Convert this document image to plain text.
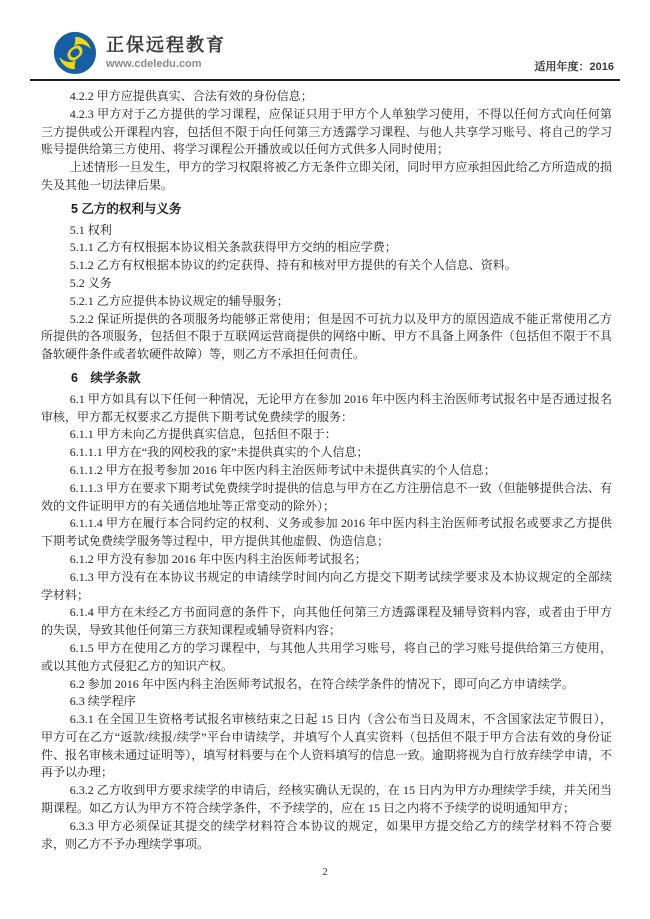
正保远程教育
www.cdeledu.com	适用年度：2016

4.2.2 甲方应提供真实、合法有效的身份信息；

4.2.3 甲方对于乙方提供的学习课程，应保证只用于甲方个人单独学习使用，不得以任何方式向任何第三方提供或公开课程内容，包括但不限于向任何第三方透露学习课程、与他人共享学习账号、将自己的学习账号提供给第三方使用、将学习课程公开播放或以任何方式供多人同时使用；

上述情形一旦发生，甲方的学习权限将被乙方无条件立即关闭，同时甲方应承担因此给乙方所造成的损失及其他一切法律后果。

5 乙方的权利与义务

5.1 权利

5.1.1 乙方有权根据本协议相关条款获得甲方交纳的相应学费；

5.1.2 乙方有权根据本协议的约定获得、持有和核对甲方提供的有关个人信息、资料。

5.2 义务

5.2.1 乙方应提供本协议规定的辅导服务；

5.2.2 保证所提供的各项服务均能够正常使用；但是因不可抗力以及甲方的原因造成不能正常使用乙方所提供的各项服务，包括但不限于互联网运营商提供的网络中断、甲方不具备上网条件（包括但不限于不具备软硬件条件或者软硬件故障）等，则乙方不承担任何责任。

6　续学条款

6.1 甲方如具有以下任何一种情况，无论甲方在参加 2016 年中医内科主治医师考试报名中是否通过报名审核，甲方都无权要求乙方提供下期考试免费续学的服务：

6.1.1 甲方未向乙方提供真实信息，包括但不限于：

6.1.1.1 甲方在“我的网校我的家”未提供真实的个人信息；

6.1.1.2 甲方在报考参加 2016 年中医内科主治医师考试中未提供真实的个人信息；

6.1.1.3 甲方在要求下期考试免费续学时提供的信息与甲方在乙方注册信息不一致（但能够提供合法、有效的文件证明甲方的有关通信地址等正常变动的除外）；

6.1.1.4 甲方在履行本合同约定的权利、义务或参加 2016 年中医内科主治医师考试报名或要求乙方提供下期考试免费续学服务等过程中，甲方提供其他虚假、伪造信息；

6.1.2 甲方没有参加 2016 年中医内科主治医师考试报名；

6.1.3 甲方没有在本协议书规定的申请续学时间内向乙方提交下期考试续学要求及本协议规定的全部续学材料；

6.1.4 甲方在未经乙方书面同意的条件下，向其他任何第三方透露课程及辅导资料内容，或者由于甲方的失误，导致其他任何第三方获知课程或辅导资料内容；

6.1.5 甲方在使用乙方的学习课程中，与其他人共用学习账号，将自己的学习账号提供给第三方使用，或以其他方式侵犯乙方的知识产权。

6.2 参加 2016 年中医内科主治医师考试报名，在符合续学条件的情况下，即可向乙方申请续学。

6.3 续学程序

6.3.1 在全国卫生资格考试报名审核结束之日起 15 日内（含公布当日及周末，不含国家法定节假日），甲方可在乙方“返款/续报/续学”平台申请续学，并填写个人真实资料（包括但不限于甲方合法有效的身份证件、报名审核未通过证明等），填写材料要与在个人资料填写的信息一致。逾期将视为自行放弃续学申请，不再予以办理；

6.3.2 乙方收到甲方要求续学的申请后，经核实确认无误的，在 15 日内为甲方办理续学手续，并关闭当期课程。如乙方认为甲方不符合续学条件，不予续学的，应在 15 日之内将不予续学的说明通知甲方；

6.3.3 甲方必须保证其提交的续学材料符合本协议的规定，如果甲方提交给乙方的续学材料不符合要求，则乙方不予办理续学事项。

2
